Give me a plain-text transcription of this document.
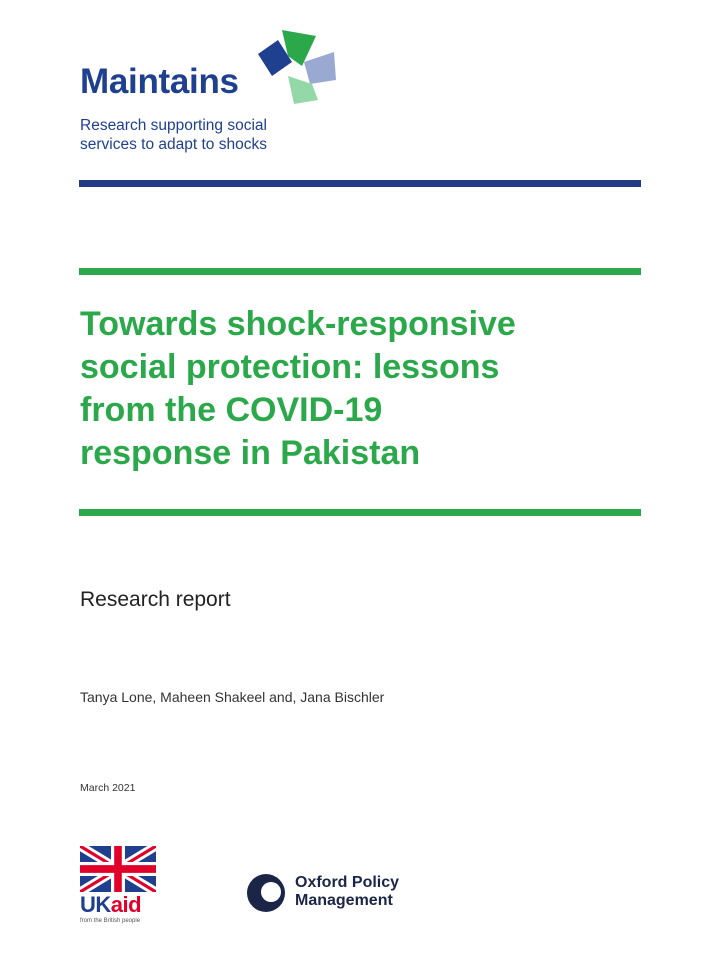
Maintains
Research supporting social
services to adapt to shocks
Towards shock-responsive
social protection: lessons
from the COVID-19
response in Pakistan
Research report
Tanya Lone, Maheen Shakeel and, Jana Bischler
March 2021
UKaid
from the British people
Oxford Policy
Management
